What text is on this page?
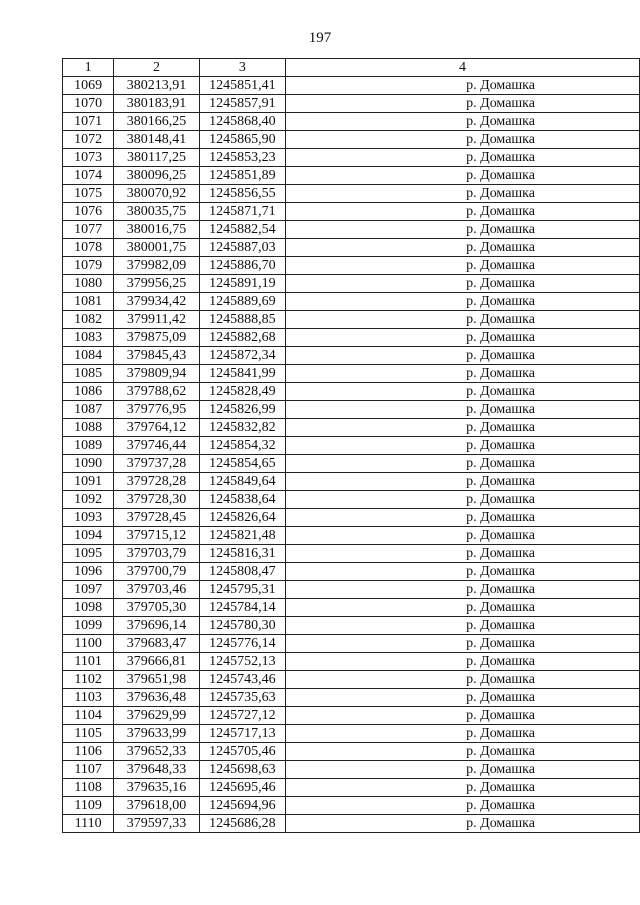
197
1	2	3	4
1069	380213,91	1245851,41	р. Домашка
1070	380183,91	1245857,91	р. Домашка
1071	380166,25	1245868,40	р. Домашка
1072	380148,41	1245865,90	р. Домашка
1073	380117,25	1245853,23	р. Домашка
1074	380096,25	1245851,89	р. Домашка
1075	380070,92	1245856,55	р. Домашка
1076	380035,75	1245871,71	р. Домашка
1077	380016,75	1245882,54	р. Домашка
1078	380001,75	1245887,03	р. Домашка
1079	379982,09	1245886,70	р. Домашка
1080	379956,25	1245891,19	р. Домашка
1081	379934,42	1245889,69	р. Домашка
1082	379911,42	1245888,85	р. Домашка
1083	379875,09	1245882,68	р. Домашка
1084	379845,43	1245872,34	р. Домашка
1085	379809,94	1245841,99	р. Домашка
1086	379788,62	1245828,49	р. Домашка
1087	379776,95	1245826,99	р. Домашка
1088	379764,12	1245832,82	р. Домашка
1089	379746,44	1245854,32	р. Домашка
1090	379737,28	1245854,65	р. Домашка
1091	379728,28	1245849,64	р. Домашка
1092	379728,30	1245838,64	р. Домашка
1093	379728,45	1245826,64	р. Домашка
1094	379715,12	1245821,48	р. Домашка
1095	379703,79	1245816,31	р. Домашка
1096	379700,79	1245808,47	р. Домашка
1097	379703,46	1245795,31	р. Домашка
1098	379705,30	1245784,14	р. Домашка
1099	379696,14	1245780,30	р. Домашка
1100	379683,47	1245776,14	р. Домашка
1101	379666,81	1245752,13	р. Домашка
1102	379651,98	1245743,46	р. Домашка
1103	379636,48	1245735,63	р. Домашка
1104	379629,99	1245727,12	р. Домашка
1105	379633,99	1245717,13	р. Домашка
1106	379652,33	1245705,46	р. Домашка
1107	379648,33	1245698,63	р. Домашка
1108	379635,16	1245695,46	р. Домашка
1109	379618,00	1245694,96	р. Домашка
1110	379597,33	1245686,28	р. Домашка
